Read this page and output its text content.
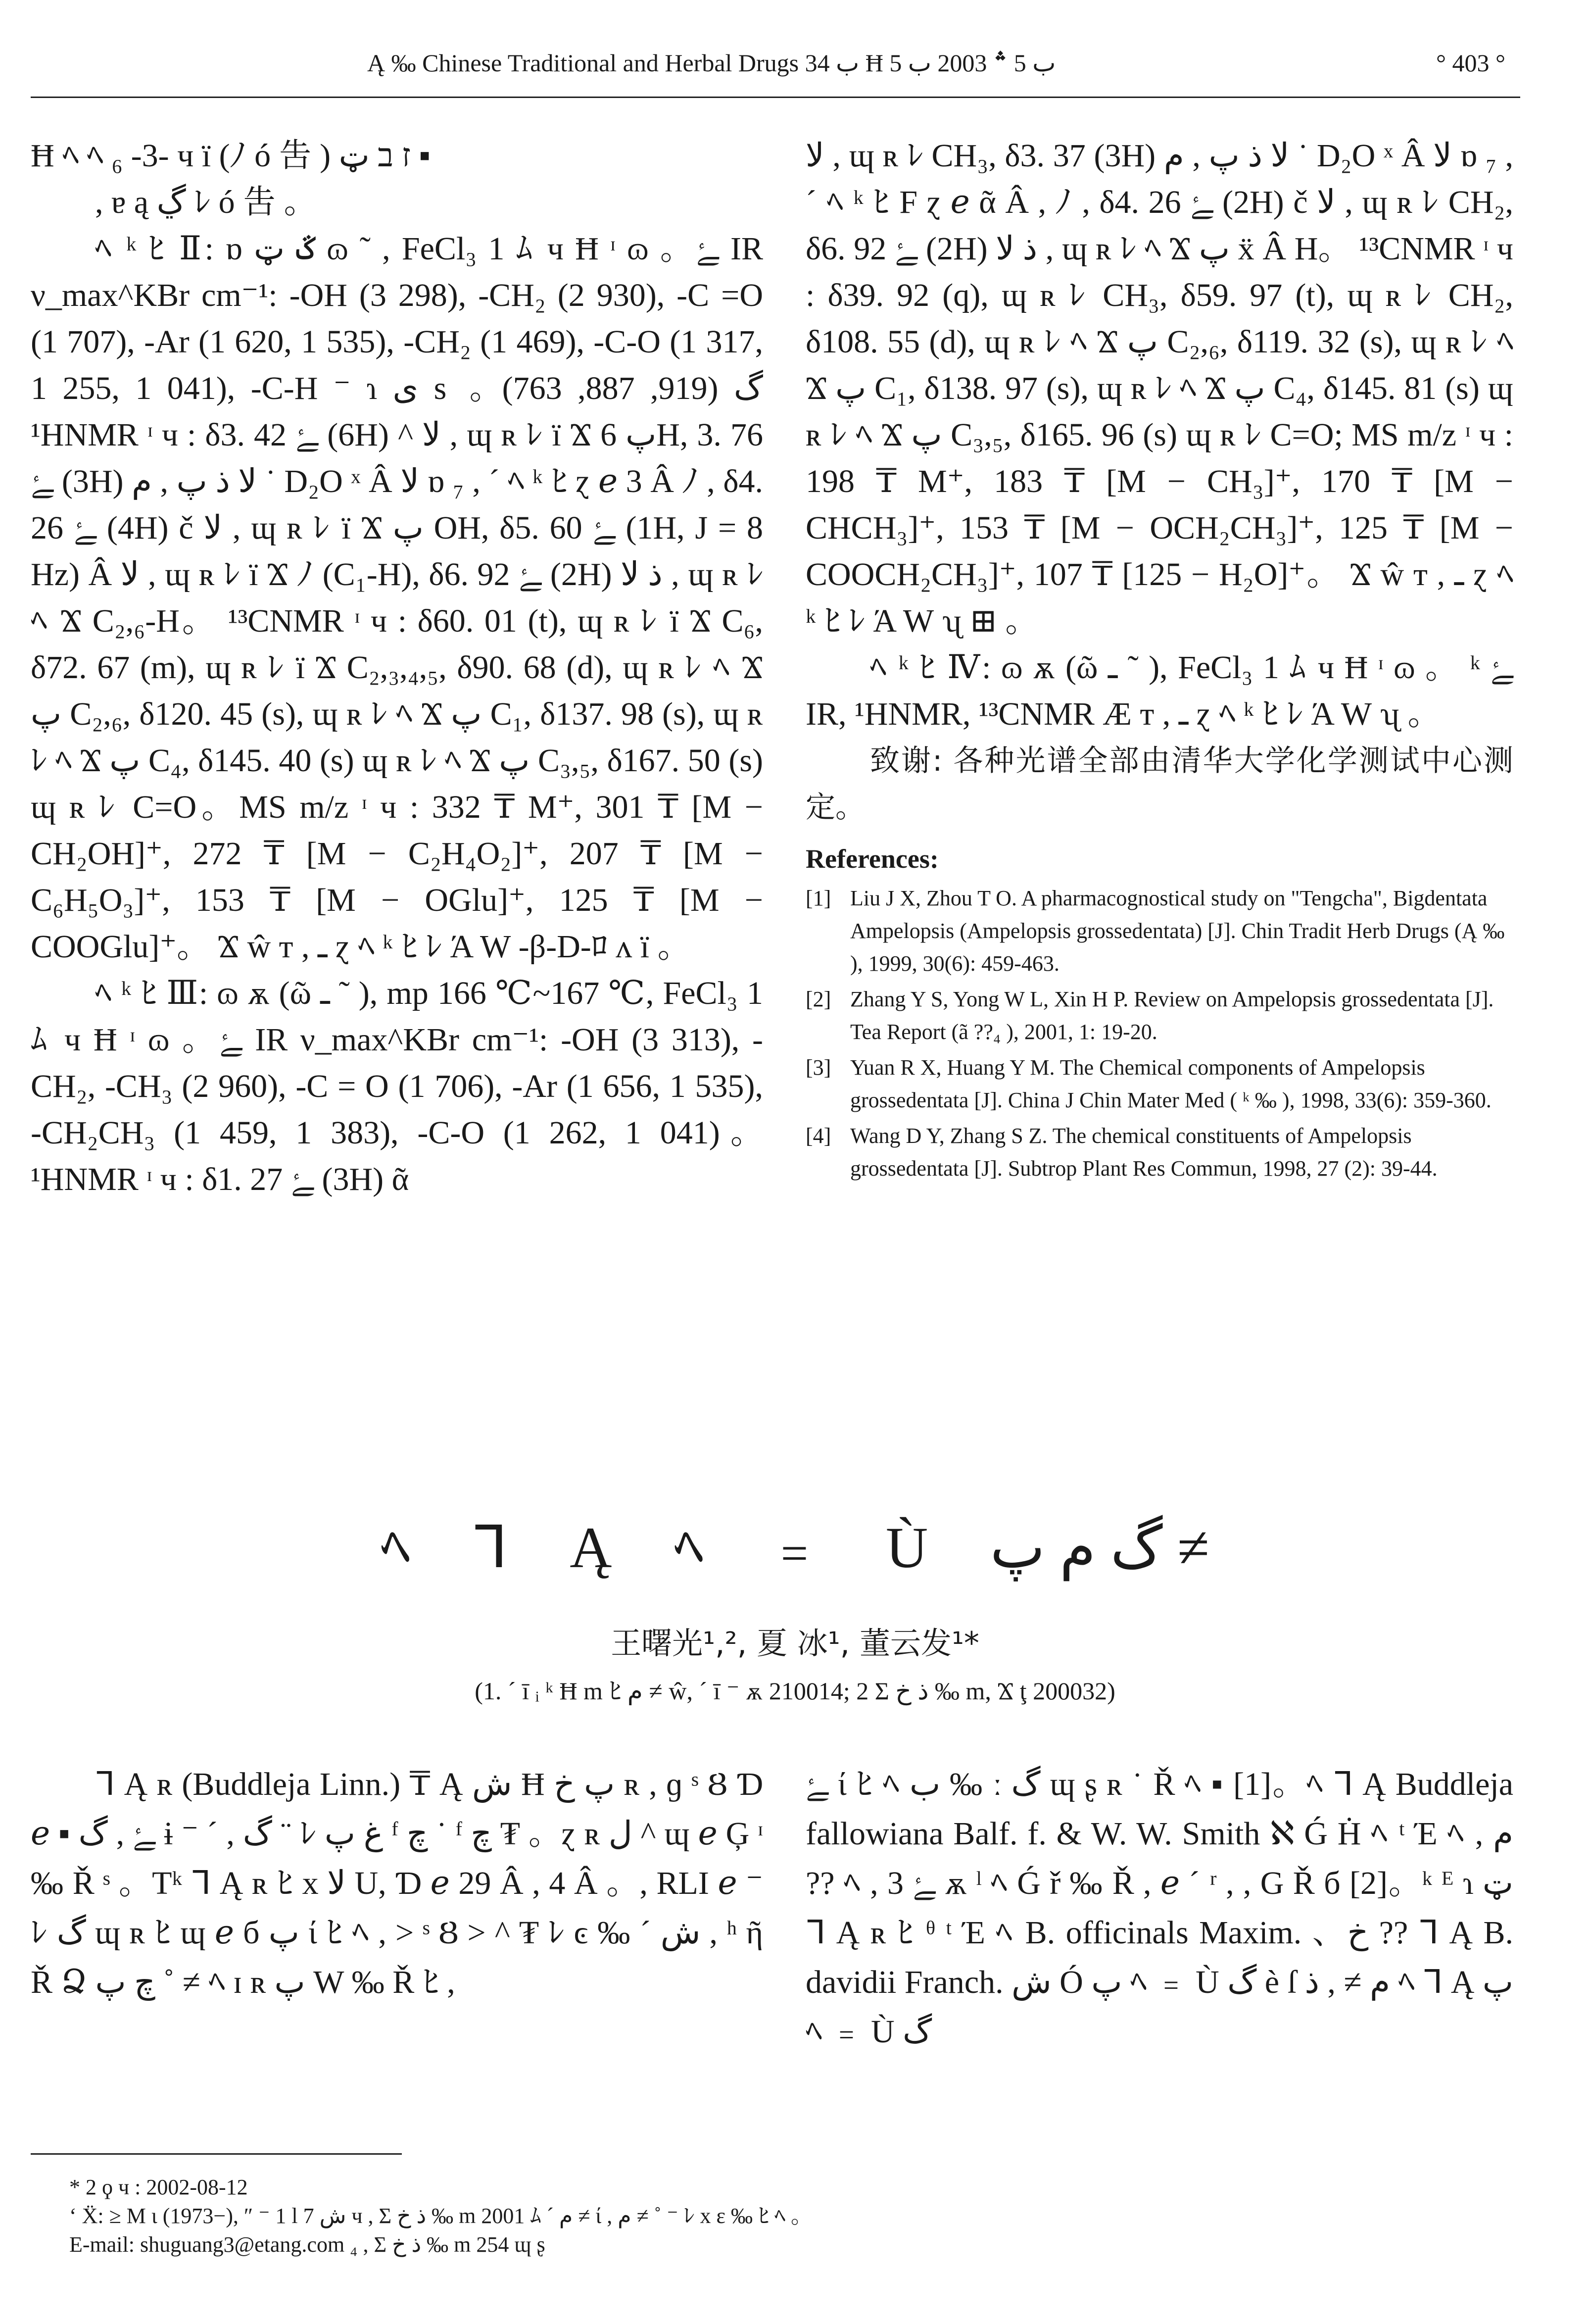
Ą ‰ Chinese Traditional and Herbal Drugs ب 34 Ħ ب 5 ؞ 2003 ب 5	° 403 °

Ħ ﾍ ﾍ ₆ -3- ч ï (ﾉ ó 吿 ) ז ב ټ ▪

, ɐ ą ڲ ﾚ ó 吿 。

ﾍ ᵏ ﾋ Ⅱ: ɒ ػ ټ ɷ ˜ , FeCl₃ 1 ﾑ ч Ħ ᶦ ɷ 。ﮱ IR ν_max^KBr cm⁻¹: -OH (3 298), -CH₂ (2 930), -C =O (1 707), -Ar (1 620, 1 535), -CH₂ (1 469), -C-O (1 317, 1 255, 1 041), -C-H ⁻ ɿ ی s گ (919, 887, 763)。 ¹HNMR ᶦ ч : δ3. 42 ﮱ (6H) ^ لا , ɰ ʀ ﾚ ï Ϫ پ 6H, 3. 76 ﮱ (3H) لا ذ پ , م ˙ D₂O ˣ Â لا ɒ ₇ , ˊ ﾍ ᵏ ﾋ ɀ ℯ 3 Â ﾉ , δ4. 26 ﮱ (4H) č لا , ɰ ʀ ﾚ ï Ϫ پ OH, δ5. 60 ﮱ (1H, J = 8 Hz) Â لا , ɰ ʀ ﾚ ï Ϫ ﾉ (C₁-H), δ6. 92 ﮱ (2H) ذ لا , ɰ ʀ ﾚ ﾍ Ϫ C₂,₆-H。 ¹³CNMR ᶦ ч : δ60. 01 (t), ɰ ʀ ﾚ ï Ϫ C₆, δ72. 67 (m), ɰ ʀ ﾚ ï Ϫ C₂,₃,₄,₅, δ90. 68 (d), ɰ ʀ ﾚ ﾍ Ϫ پ C₂,₆, δ120. 45 (s), ɰ ʀ ﾚ ﾍ Ϫ پ C₁, δ137. 98 (s), ɰ ʀ ﾚ ﾍ Ϫ پ C₄, δ145. 40 (s) ɰ ʀ ﾚ ﾍ Ϫ پ C₃,₅, δ167. 50 (s) ɰ ʀ ﾚ C=O。MS m/z ᶦ ч : 332 ₸ M⁺, 301 ₸ [M − CH₂OH]⁺, 272 ₸ [M − C₂H₄O₂]⁺, 207 ₸ [M − C₆H₅O₃]⁺, 153 ₸ [M − OGlu]⁺, 125 ₸ [M − COOGlu]⁺。 Ϫ ŵ т , ـ ɀ ﾍ ᵏ ﾋ ﾚ Ά W -β-D-ﾛ ʌ ï 。

ﾍ ᵏ ﾋ Ⅲ: ɷ ѫ (ῶ ـ ˜ ), mp 166 ℃~167 ℃, FeCl₃ 1 ﾑ ч Ħ ᶦ ɷ 。ﮱ IR ν_max^KBr cm⁻¹: -OH (3 313), -CH₂, -CH₃ (2 960), -C = O (1 706), -Ar (1 656, 1 535), -CH₂CH₃ (1 459, 1 383), -C-O (1 262, 1 041)。 ¹HNMR ᶦ ч : δ1. 27 ﮱ (3H) ᾶ

لا , ɰ ʀ ﾚ CH₃, δ3. 37 (3H) لا ذ پ , م ˙ D₂O ˣ Â لا ɒ ₇ , ˊ ﾍ ᵏ ﾋ F ɀ ℯ ᾶ Â , ﾉ , δ4. 26 ﮱ (2H) č لا , ɰ ʀ ﾚ CH₂, δ6. 92 ﮱ (2H) ذ لا , ɰ ʀ ﾚ ﾍ Ϫ پ ẍ Â H。 ¹³CNMR ᶦ ч : δ39. 92 (q), ɰ ʀ ﾚ CH₃, δ59. 97 (t), ɰ ʀ ﾚ CH₂, δ108. 55 (d), ɰ ʀ ﾚ ﾍ Ϫ پ C₂,₆, δ119. 32 (s), ɰ ʀ ﾚ ﾍ Ϫ پ C₁, δ138. 97 (s), ɰ ʀ ﾚ ﾍ Ϫ پ C₄, δ145. 81 (s) ɰ ʀ ﾚ ﾍ Ϫ پ C₃,₅, δ165. 96 (s) ɰ ʀ ﾚ C=O; MS m/z ᶦ ч : 198 ₸ M⁺, 183 ₸ [M − CH₃]⁺, 170 ₸ [M − CHCH₃]⁺, 153 ₸ [M − OCH₂CH₃]⁺, 125 ₸ [M − COOCH₂CH₃]⁺, 107 ₸ [125 − H₂O]⁺。 Ϫ ŵ т , ـ ɀ ﾍ ᵏ ﾋ ﾚ Ά W ʯ ⊞ 。

ﾍ ᵏ ﾋ Ⅳ: ɷ ѫ (ῶ ـ ˜ ), FeCl₃ 1 ﾑ ч Ħ ᶦ ɷ 。 ᵏ ﮱ IR, ¹HNMR, ¹³CNMR Æ т , ـ ɀ ﾍ ᵏ ﾋ ﾚ Ά W ʯ 。

致谢: 各种光谱全部由清华大学化学测试中心测定。

References:

[1] Liu J X, Zhou T O. A pharmacognostical study on "Tengcha", Bigdentata Ampelopsis (Ampelopsis grossedentata) [J]. Chin Tradit Herb Drugs (Ą ‰ ), 1999, 30(6): 459-463.
[2] Zhang Y S, Yong W L, Xin H P. Review on Ampelopsis grossedentata [J]. Tea Report (ã ??₄ ), 2001, 1: 19-20.
[3] Yuan R X, Huang Y M. The Chemical components of Ampelopsis grossedentata [J]. China J Chin Mater Med ( ᵏ ‰ ), 1998, 33(6): 359-360.
[4] Wang D Y, Zhang S Z. The chemical constituents of Ampelopsis grossedentata [J]. Subtrop Plant Res Commun, 1998, 27 (2): 39-44.
ﾍ ᒣ Ą ﾍ ﹦ Ù گ م پ ≠
王曙光¹,², 夏 冰¹, 董云发¹*
(1. ˊ ī ᵢ ᵏ Ħ m ﾋ م ≠ ŵ, ˊ ī ⁻ ѫ 210014; 2 Σ ذ خ ‰ m, Ϫ ţ 200032)

ᒣ Ą ʀ (Buddleja Linn.) ₸ Ą ش Ħ پ خ ʀ , ɡ ˢ Ȣ Ɗ ℯ ▪ ﮱ , گ ɨ ⁻ ˊ , گ ¨ ﾚ غ پ ᶠ چ ˙ ᶠ چ ₮ 。ɀ ʀ ﻝ ^ ɰ ℯ Ģ ᶦ ‰ Ř ˢ 。Tᵏ ᒣ Ą ʀ ﾋ x لا U, Ɗ ℯ 29 Â , 4 Â 。, RLI ℯ ⁻ ﾚ گ ɰ ʀ ﾋ ɰ ℯ б پ ί ﾋ ﾍ , > ˢ Ȣ > ^ ₮ ﾚ ͼ ‰ ˊ ش , ʰ ῆ Ř Ձ چ پ ˚ ≠ ﾍ ɪ ʀ پ W ‰ Ř ﾋ ,

ﮱ ί ﾋ ﾍ ب ‰ ː گ ɰ ʂ ʀ ˙ Ř ﾍ ▪ [1]。ﾍ ᒣ Ą Buddleja fallowiana Balf. f. & W. W. Smith ℵ Ǵ Ḣ ﾍ ᵗ Έ ﾍ , م ?? ﾍ , ﮱ 3 ѫ ˡ ﾍ Ǵ ř ‰ Ř , ℯ ˊ ʳ , , G Ř б [2]。ᵏ ᴱ ɿ ټ ᒣ Ą ʀ ﾋ ᶿ ᵗ Έ ﾍ B. officinals Maxim. 、خ ?? ᒣ Ą B. davidii Franch. ش Ó پ ﾍ ﹦ Ù گ è ſ م ≠ , ذ ﾍ ᒣ Ą پ ﾍ ﹦ Ù گ

* 2 ϙ ч : 2002-08-12
ʻ Ẍ: ≥ M ɩ (1973−), ″ ⁻ 1 l ش 7 ч , Σ ذ خ ‰ m 2001 ﾑ ˊ م ≠ ί , م ≠ ˚ ⁻ ﾚ x ɛ ‰ ﾋ ﾍ 。
E-mail: shuguang3@etang.com ₄ , Σ ذ خ ‰ m 254 ɰ ʂ
